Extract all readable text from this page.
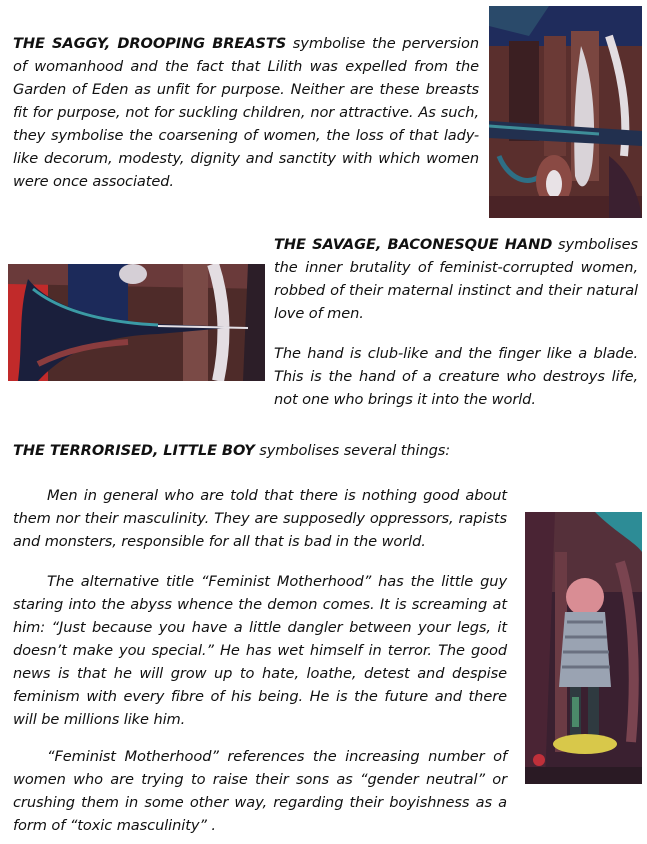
THE SAGGY, DROOPING BREASTS symbolise the perversion of womanhood and the fact that Lilith was expelled from the Garden of Eden as unfit for purpose. Neither are these breasts fit for purpose, not for suckling children, nor attractive. As such, they symbolise the coarsening of women, the loss of that lady-like decorum, modesty, dignity and sanctity with which women were once associated.

THE SAVAGE, BACONESQUE HAND symbolises the inner brutality of feminist-corrupted women, robbed of their maternal instinct and their natural love of men.

The hand is club-like and the finger like a blade. This is the hand of a creature who destroys life, not one who brings it into the world.

THE TERRORISED, LITTLE BOY symbolises several things:

Men in general who are told that there is nothing good about them nor their masculinity. They are supposedly oppressors, rapists and monsters, responsible for all that is bad in the world.

The alternative title “Feminist Motherhood” has the little guy staring into the abyss whence the demon comes. It is screaming at him: “Just because you have a little dangler between your legs, it doesn’t make you special.” He has wet himself in terror. The good news is that he will grow up to hate, loathe, detest and despise feminism with every fibre of his being. He is the future and there will be millions like him.

“Feminist Motherhood” references the increasing number of women who are trying to raise their sons as “gender neutral” or crushing them in some other way, regarding their boyishness as a form of “toxic masculinity” .
